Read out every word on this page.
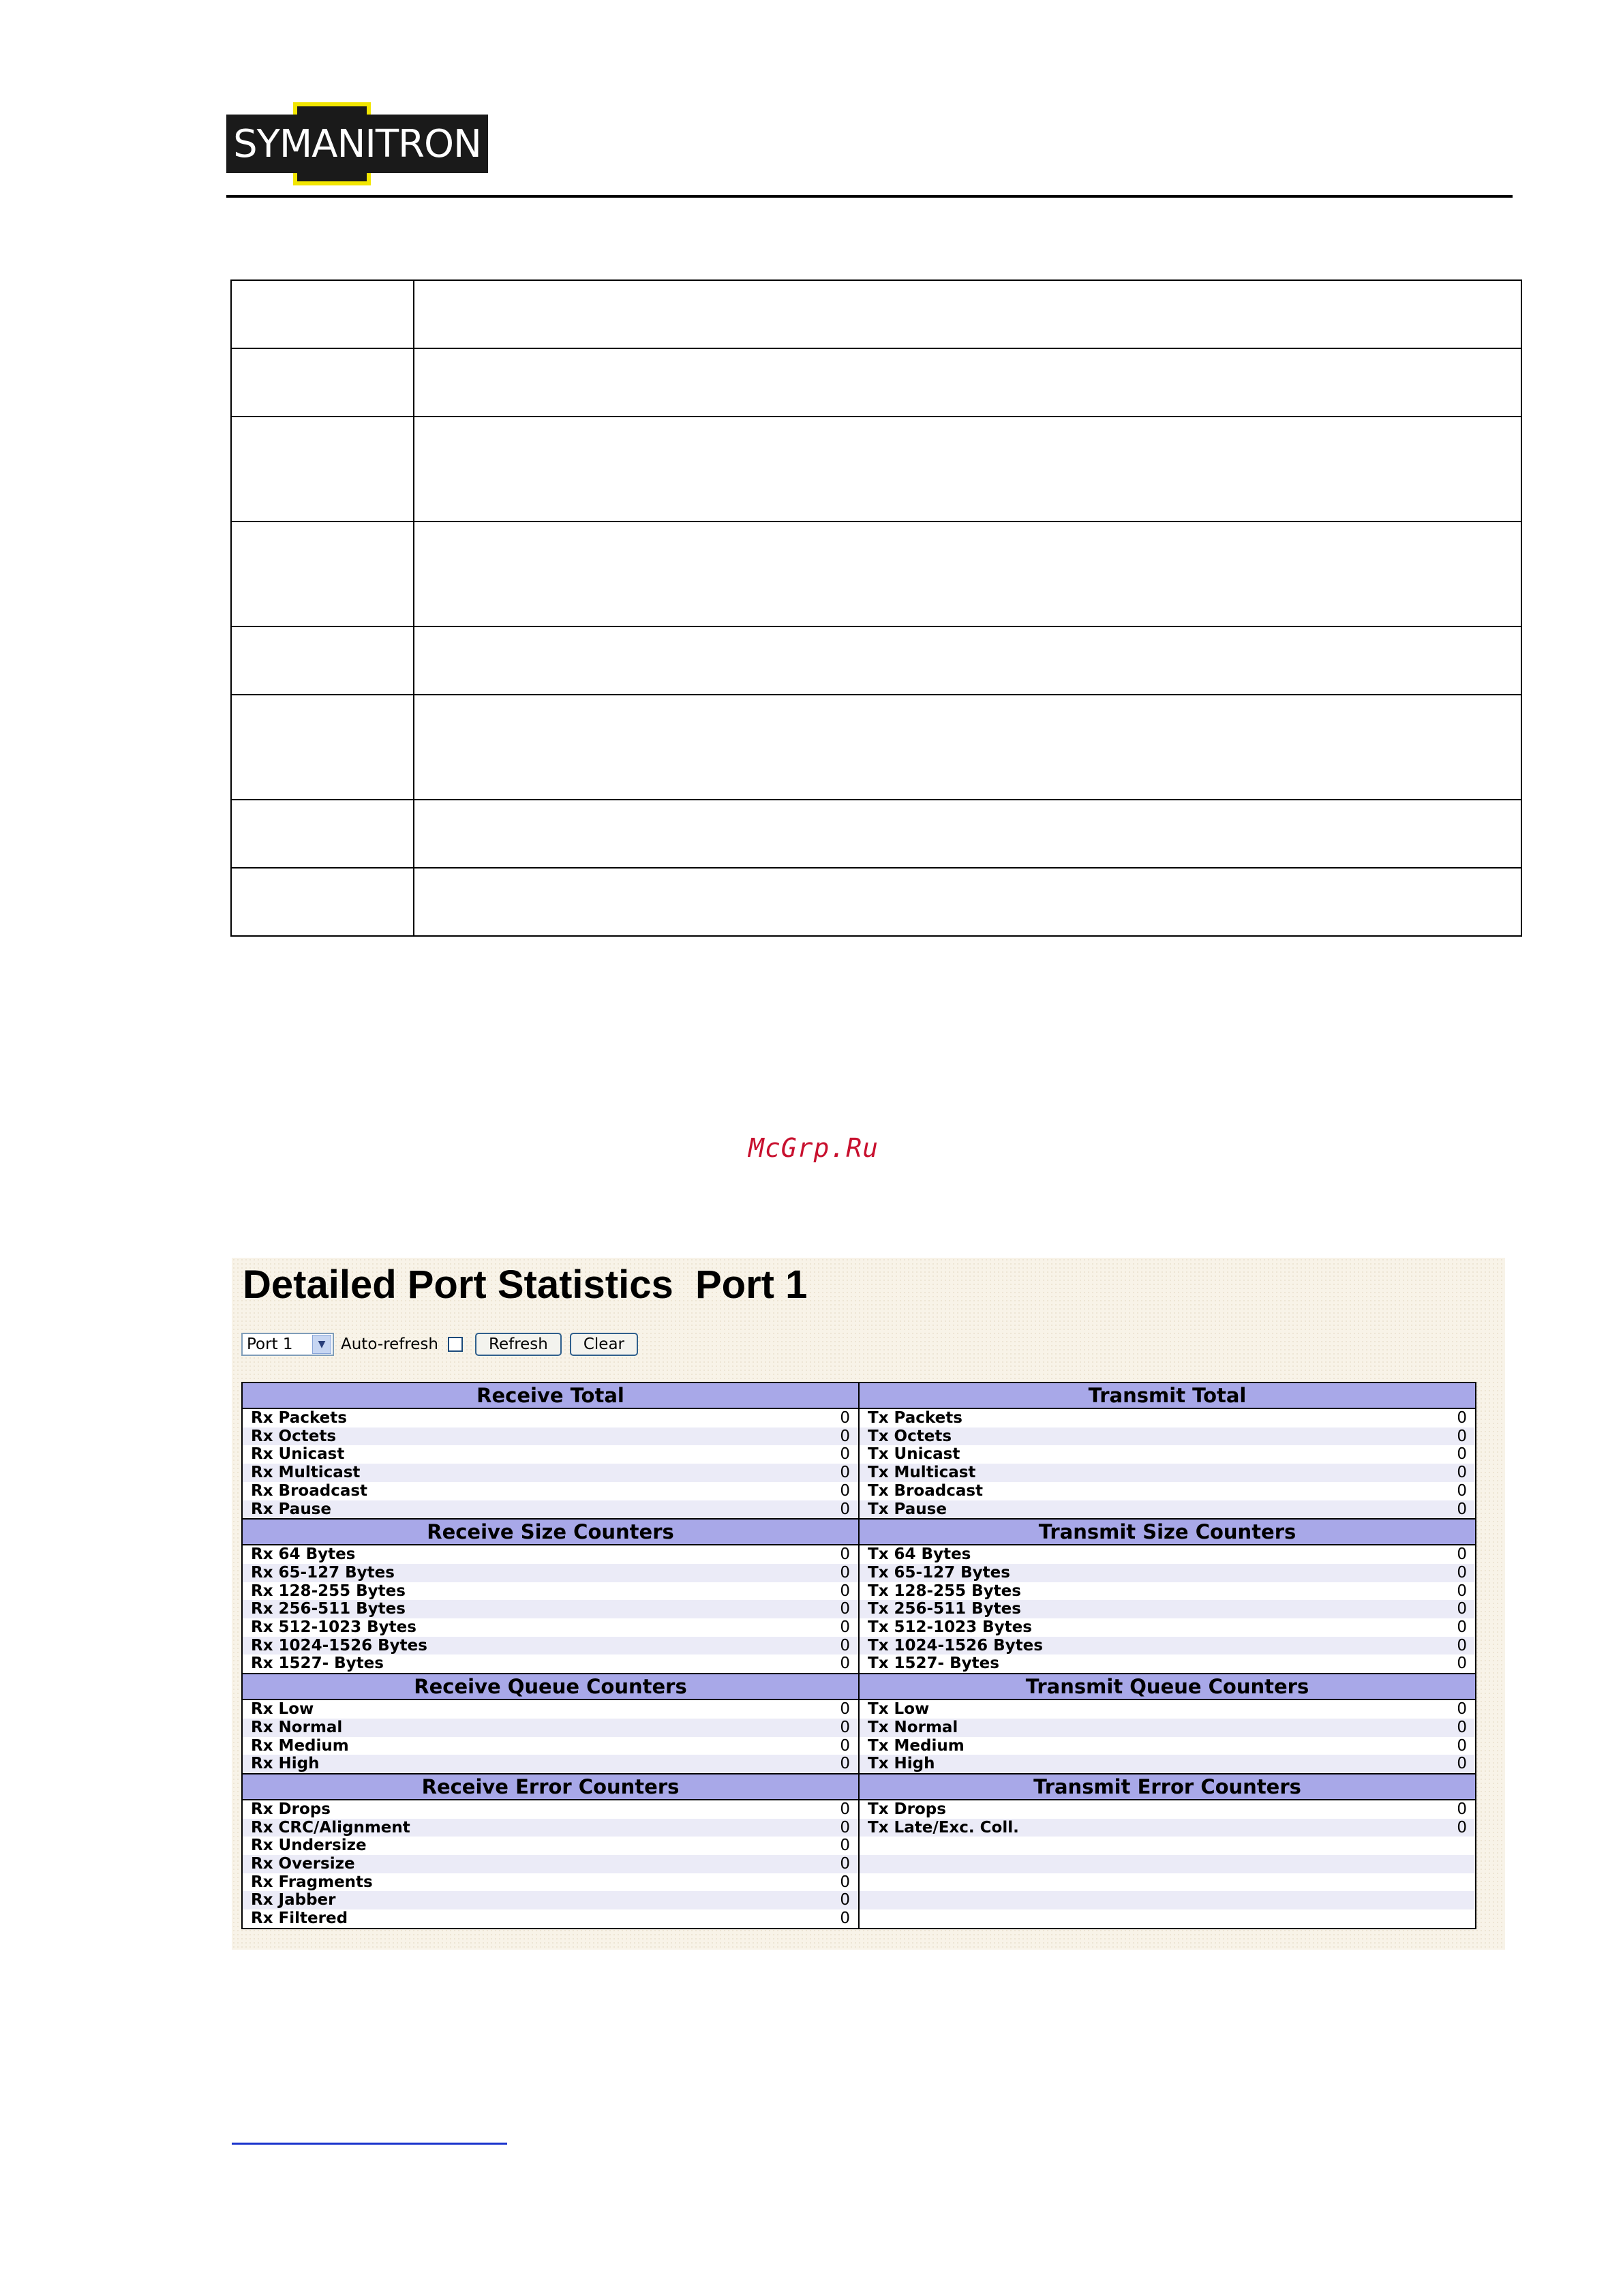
SYMANITRON

McGrp.Ru
Detailed Port Statistics  Port 1
Port 1	▼ Auto-refresh	Refresh	Clear
Receive Total		Transmit Total	
Rx Packets	0	Tx Packets	0
Rx Octets	0	Tx Octets	0
Rx Unicast	0	Tx Unicast	0
Rx Multicast	0	Tx Multicast	0
Rx Broadcast	0	Tx Broadcast	0
Rx Pause	0	Tx Pause	0
Receive Size Counters		Transmit Size Counters	
Rx 64 Bytes	0	Tx 64 Bytes	0
Rx 65-127 Bytes	0	Tx 65-127 Bytes	0
Rx 128-255 Bytes	0	Tx 128-255 Bytes	0
Rx 256-511 Bytes	0	Tx 256-511 Bytes	0
Rx 512-1023 Bytes	0	Tx 512-1023 Bytes	0
Rx 1024-1526 Bytes	0	Tx 1024-1526 Bytes	0
Rx 1527- Bytes	0	Tx 1527- Bytes	0
Receive Queue Counters		Transmit Queue Counters	
Rx Low	0	Tx Low	0
Rx Normal	0	Tx Normal	0
Rx Medium	0	Tx Medium	0
Rx High	0	Tx High	0
Receive Error Counters		Transmit Error Counters	
Rx Drops	0	Tx Drops	0
Rx CRC/Alignment	0	Tx Late/Exc. Coll.	0
Rx Undersize	0		
Rx Oversize	0		
Rx Fragments	0		
Rx Jabber	0		
Rx Filtered	0		
